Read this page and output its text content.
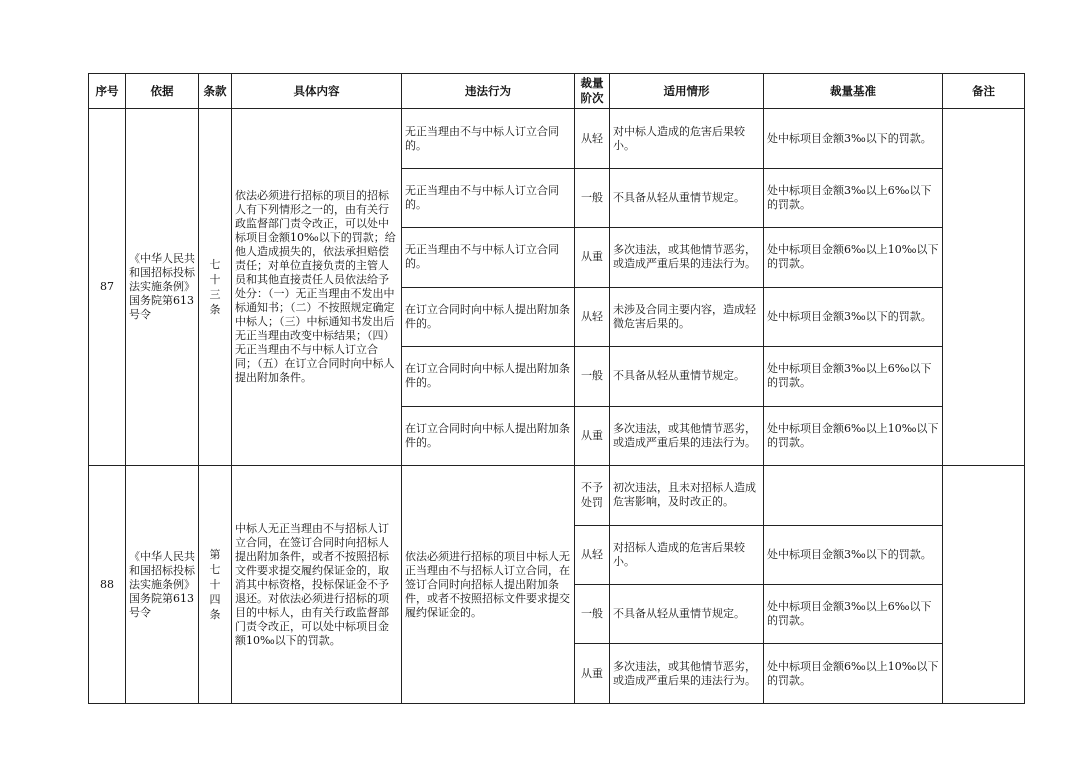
序号	依据	条款	具体内容	违法行为	裁量阶次	适用情形	裁量基准	备注
87	《中华人民共和国招标投标法实施条例》国务院第613号令	七十三条	依法必须进行招标的项目的招标人有下列情形之一的，由有关行政监督部门责令改正，可以处中标项目金额10‰以下的罚款；给他人造成损失的，依法承担赔偿责任；对单位直接负责的主管人员和其他直接责任人员依法给予处分：（一）无正当理由不发出中标通知书；（二）不按照规定确定中标人；（三）中标通知书发出后无正当理由改变中标结果；（四）无正当理由不与中标人订立合同；（五）在订立合同时向中标人提出附加条件。	无正当理由不与中标人订立合同的。	从轻	对中标人造成的危害后果较小。	处中标项目金额3‰以下的罚款。	
				无正当理由不与中标人订立合同的。	一般	不具备从轻从重情节规定。	处中标项目金额3‰以上6‰以下的罚款。	
				无正当理由不与中标人订立合同的。	从重	多次违法，或其他情节恶劣，或造成严重后果的违法行为。	处中标项目金额6‰以上10‰以下的罚款。	
				在订立合同时向中标人提出附加条件的。	从轻	未涉及合同主要内容，造成轻微危害后果的。	处中标项目金额3‰以下的罚款。	
				在订立合同时向中标人提出附加条件的。	一般	不具备从轻从重情节规定。	处中标项目金额3‰以上6‰以下的罚款。	
				在订立合同时向中标人提出附加条件的。	从重	多次违法，或其他情节恶劣，或造成严重后果的违法行为。	处中标项目金额6‰以上10‰以下的罚款。	
88	《中华人民共和国招标投标法实施条例》国务院第613号令	第七十四条	中标人无正当理由不与招标人订立合同，在签订合同时向招标人提出附加条件，或者不按照招标文件要求提交履约保证金的，取消其中标资格，投标保证金不予退还。对依法必须进行招标的项目的中标人，由有关行政监督部门责令改正，可以处中标项目金额10‰以下的罚款。	依法必须进行招标的项目中标人无正当理由不与招标人订立合同，在签订合同时向招标人提出附加条件，或者不按照招标文件要求提交履约保证金的。	不予处罚	初次违法，且未对招标人造成危害影响，及时改正的。		
					从轻	对招标人造成的危害后果较小。	处中标项目金额3‰以下的罚款。	
					一般	不具备从轻从重情节规定。	处中标项目金额3‰以上6‰以下的罚款。	
					从重	多次违法，或其他情节恶劣，或造成严重后果的违法行为。	处中标项目金额6‰以上10‰以下的罚款。	
